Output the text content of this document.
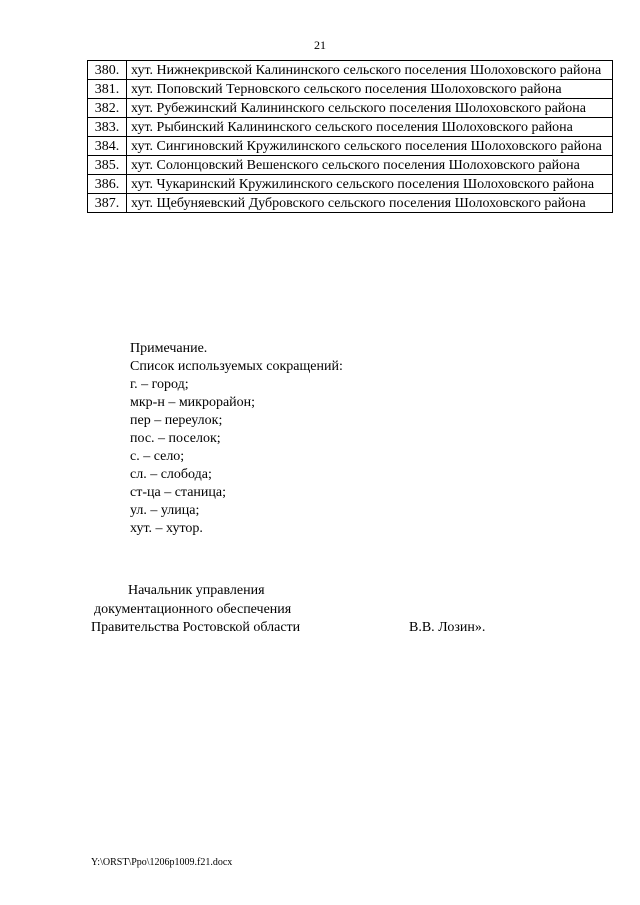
21
380.	хут. Нижнекривской Калининского сельского поселения Шолоховского района
381.	хут. Поповский Терновского сельского поселения Шолоховского района
382.	хут. Рубежинский Калининского сельского поселения Шолоховского района
383.	хут. Рыбинский Калининского сельского поселения Шолоховского района
384.	хут. Сингиновский Кружилинского сельского поселения Шолоховского района
385.	хут. Солонцовский Вешенского сельского поселения Шолоховского района
386.	хут. Чукаринский Кружилинского сельского поселения Шолоховского района
387.	хут. Щебуняевский Дубровского сельского поселения Шолоховского района
Примечание.
Список используемых сокращений:
г. – город;
мкр-н – микрорайон;
пер – переулок;
пос. – поселок;
с. – село;
сл. – слобода;
ст-ца – станица;
ул. – улица;
хут. – хутор.
Начальник управления
документационного обеспечения
Правительства Ростовской области	В.В. Лозин».
Y:\ORST\Ppo\1206p1009.f21.docx
